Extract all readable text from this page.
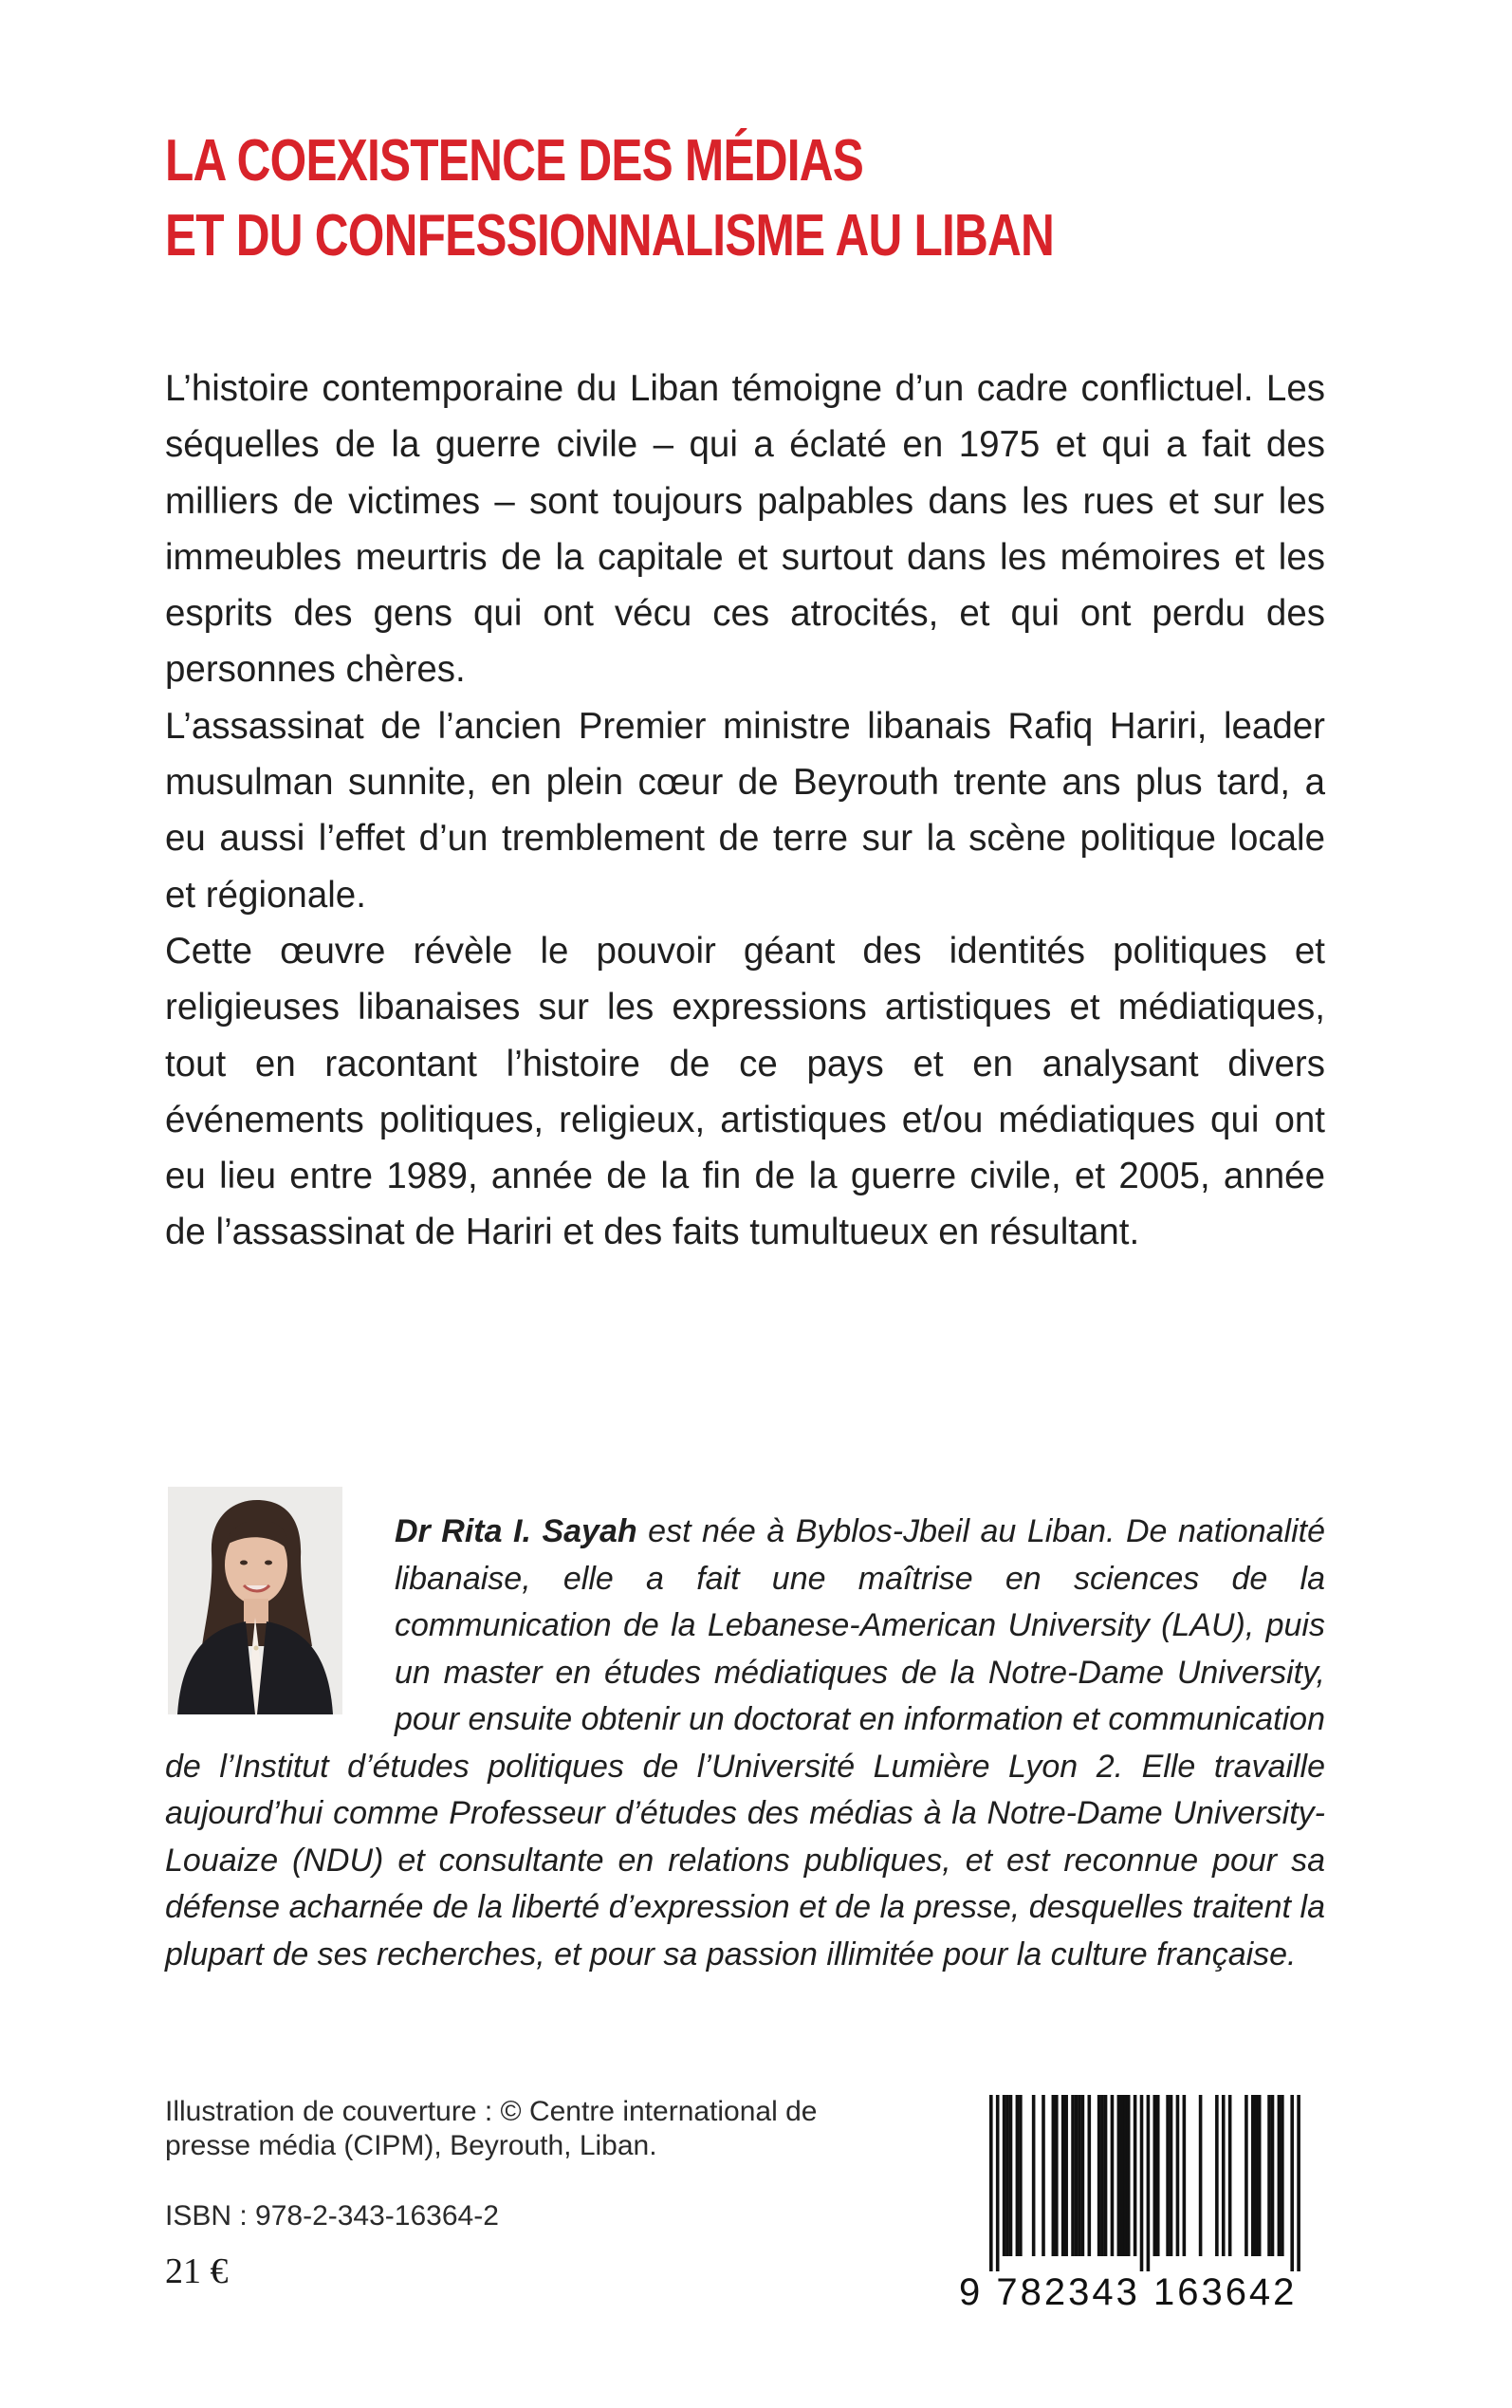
LA COEXISTENCE DES MÉDIAS
ET DU CONFESSIONNALISME AU LIBAN

L’histoire contemporaine du Liban témoigne d’un cadre conflictuel. Les séquelles de la guerre civile – qui a éclaté en 1975 et qui a fait des milliers de victimes – sont toujours palpables dans les rues et sur les immeubles meurtris de la capitale et surtout dans les mémoires et les esprits des gens qui ont vécu ces atrocités, et qui ont perdu des personnes chères.

L’assassinat de l’ancien Premier ministre libanais Rafiq Hariri, leader musulman sunnite, en plein cœur de Beyrouth trente ans plus tard, a eu aussi l’effet d’un tremblement de terre sur la scène politique locale et régionale.

Cette œuvre révèle le pouvoir géant des identités politiques et religieuses libanaises sur les expressions artistiques et médiatiques, tout en racontant l’histoire de ce pays et en analysant divers événements politiques, religieux, artistiques et/ou médiatiques qui ont eu lieu entre 1989, année de la fin de la guerre civile, et 2005, année de l’assassinat de Hariri et des faits tumultueux en résultant.

Dr Rita I. Sayah est née à Byblos-Jbeil au Liban. De nationalité libanaise, elle a fait une maîtrise en sciences de la communication de la Lebanese-American University (LAU), puis un master en études médiatiques de la Notre-Dame University, pour ensuite obtenir un doctorat en information et communication de l’Institut d’études politiques de l’Université Lumière Lyon 2. Elle travaille aujourd’hui comme Professeur d’études des médias à la Notre-Dame University-Louaize (NDU) et consultante en relations publiques, et est reconnue pour sa défense acharnée de la liberté d’expression et de la presse, desquelles traitent la plupart de ses recherches, et pour sa passion illimitée pour la culture française.

Illustration de couverture : © Centre international de presse média (CIPM), Beyrouth, Liban.
ISBN : 978-2-343-16364-2
21 €	9 782343 163642
